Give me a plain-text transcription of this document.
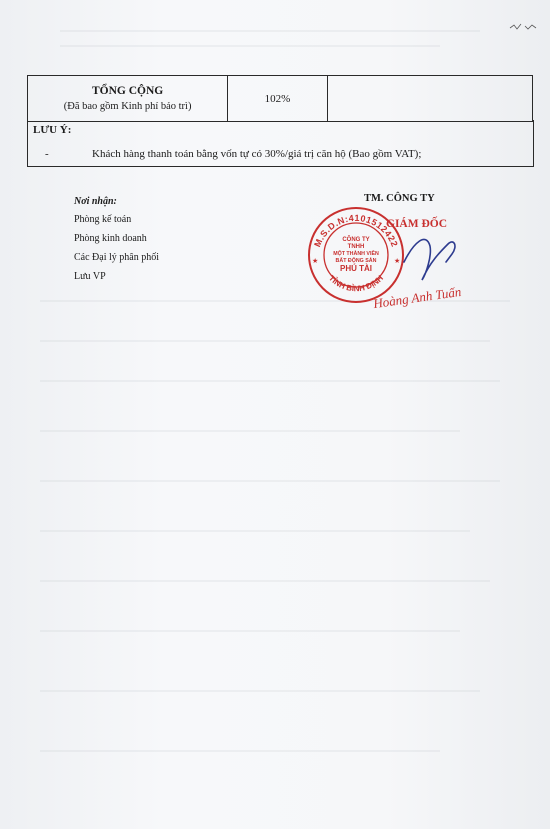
TỔNG CỘNG
(Đã bao gồm Kinh phí bảo trì)
	102%	
LƯU Ý:
-	Khách hàng thanh toán bằng vốn tự có 30%/giá trị căn hộ (Bao gồm VAT);
Nơi nhận:
Phòng kế toán
Phòng kinh doanh
Các Đại lý phân phối
Lưu VP
TM. CÔNG TY
M.S.D.N:4101512422
TỈNH BÌNH ĐỊNH
CÔNG TY
TNHH
MỘT THÀNH VIÊN
BẤT ĐỘNG SẢN
PHÚ TÀI
★	★
GIÁM ĐỐC
Hoàng Anh Tuấn
